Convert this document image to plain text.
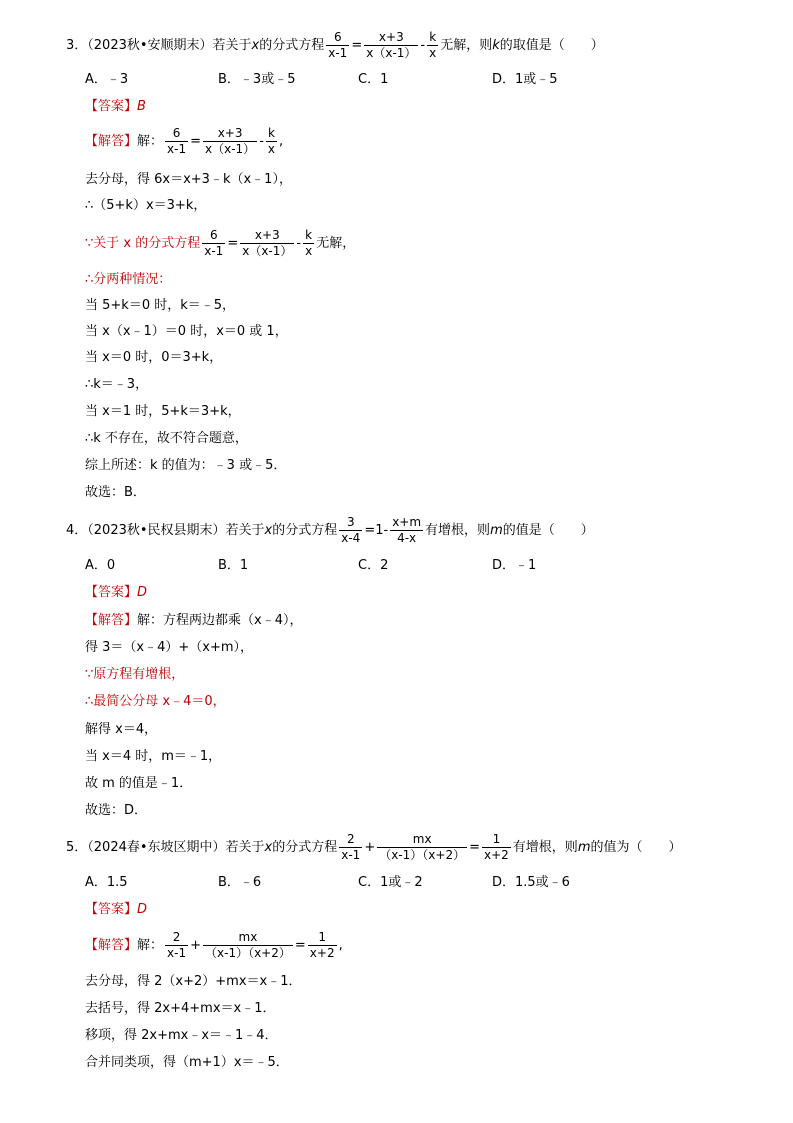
3．（2023秋•安顺期末）若关于x的分式方程 $\frac{6}{x-1} = \frac{x+3}{x(x-1)} - \frac{k}{x}$ 无解，则k的取值是（　　）
A．﹣3	B．﹣3或﹣5	C．1	D．1或﹣5
【答案】B
【解答】解： $\frac{6}{x-1} = \frac{x+3}{x(x-1)} - \frac{k}{x}$ ,
去分母，得 6x＝x+3﹣k（x﹣1），
∴（5+k）x＝3+k，
∵关于 x 的分式方程 $\frac{6}{x-1} = \frac{x+3}{x(x-1)} - \frac{k}{x}$ 无解，
∴分两种情况：
当 5+k＝0 时，k＝﹣5，
当 x（x﹣1）＝0 时，x＝0 或 1，
当 x＝0 时，0＝3+k，
∴k＝﹣3，
当 x＝1 时，5+k＝3+k，
∴k 不存在，故不符合题意，
综上所述：k 的值为：﹣3 或﹣5．
故选：B．
4．（2023秋•民权县期末）若关于x的分式方程 $\frac{3}{x-4} =1- \frac{x+m}{4-x}$ 有增根，则m的值是（　　）
A．0	B．1	C．2	D．﹣1
【答案】D
【解答】解：方程两边都乘（x﹣4），
得 3＝（x﹣4）+（x+m），
∵原方程有增根，
∴最简公分母 x﹣4＝0，
解得 x＝4，
当 x＝4 时，m＝﹣1，
故 m 的值是﹣1．
故选：D．
5．（2024春•东坡区期中）若关于x的分式方程 $\frac{2}{x-1} + \frac{mx}{(x-1)(x+2)} = \frac{1}{x+2}$ 有增根，则m的值为（　　）
A．1.5	B．﹣6	C．1或﹣2	D．1.5或﹣6
【答案】D
【解答】解： $\frac{2}{x-1} + \frac{mx}{(x-1)(x+2)} = \frac{1}{x+2}$ ,
去分母，得 2（x+2）+mx＝x﹣1．
去括号，得 2x+4+mx＝x﹣1．
移项，得 2x+mx﹣x＝﹣1﹣4．
合并同类项，得（m+1）x＝﹣5．
